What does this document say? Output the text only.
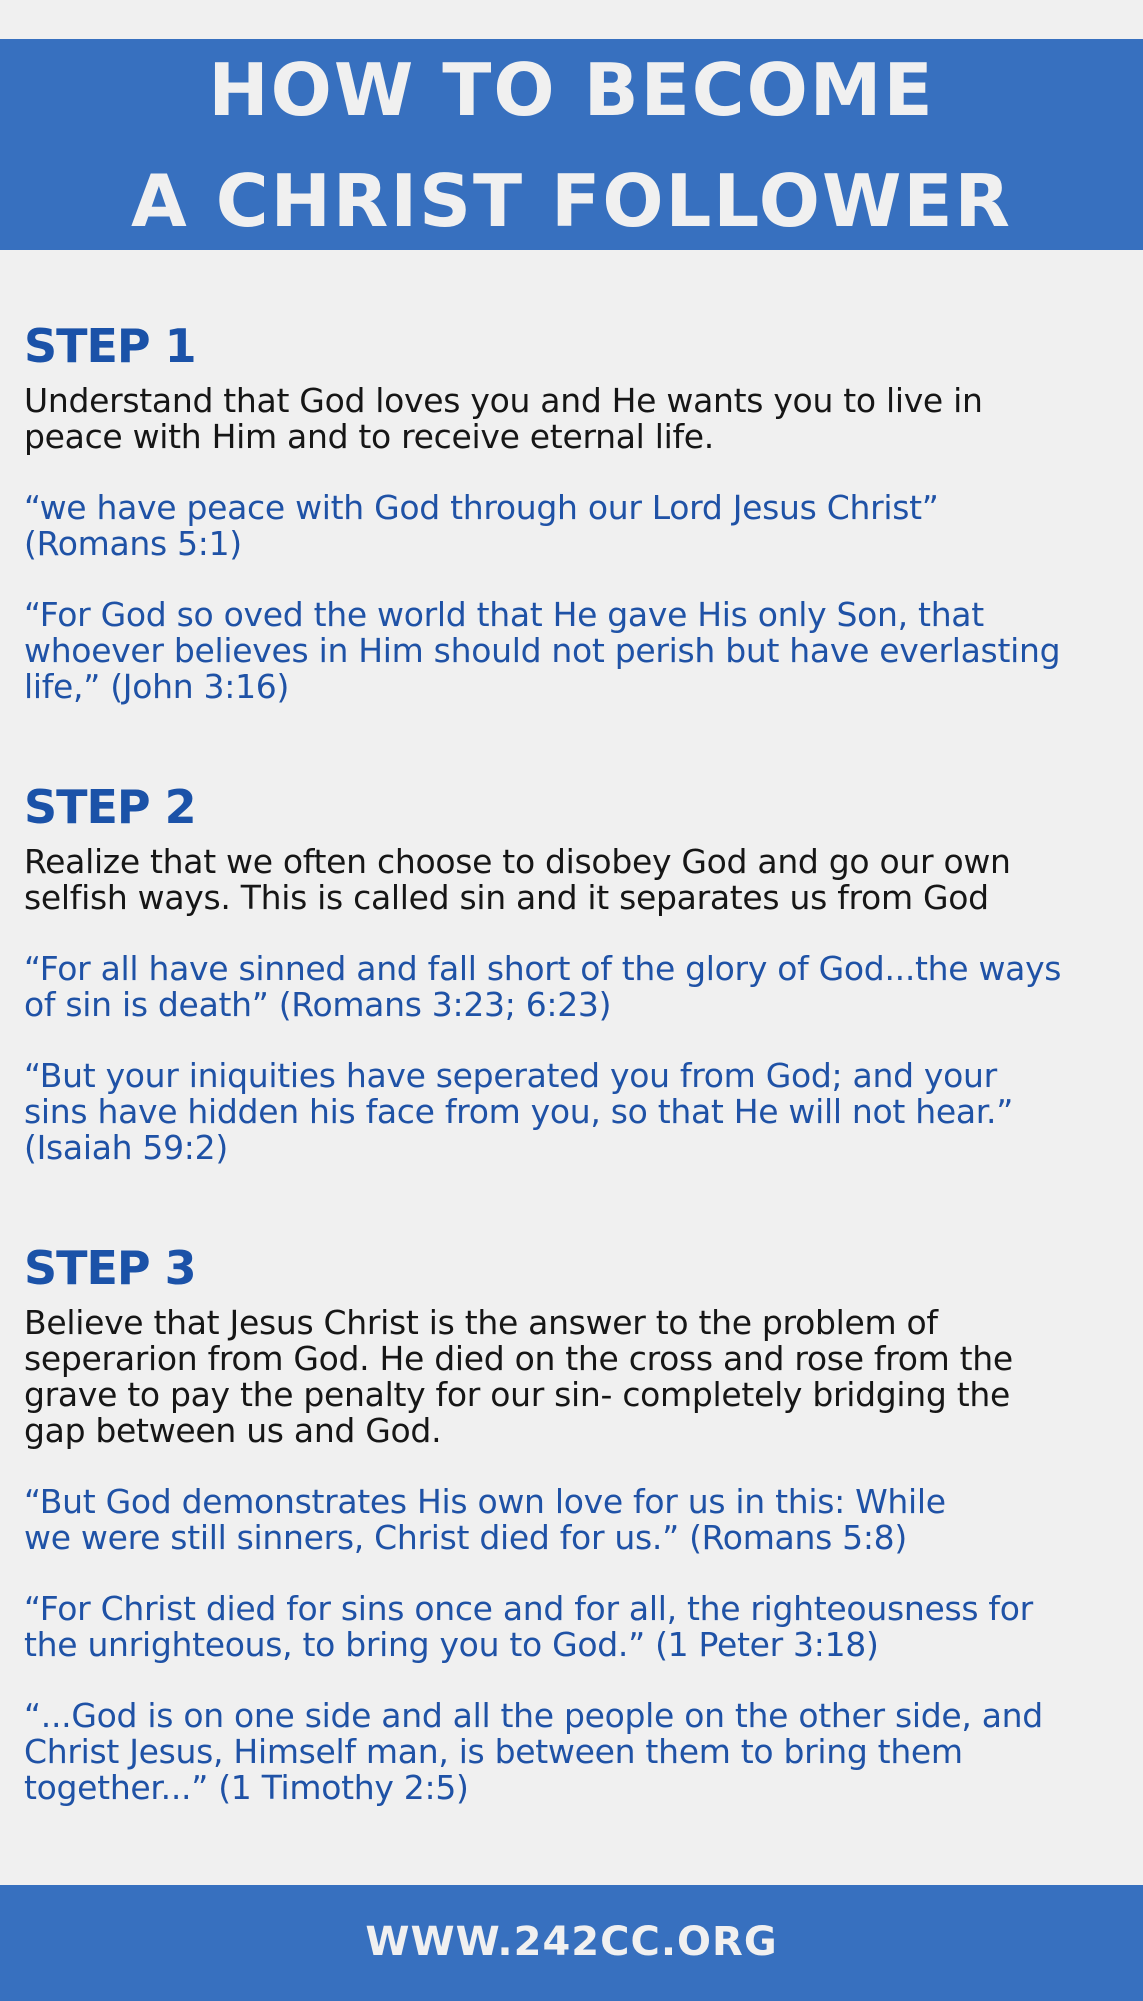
HOW TO BECOME
A CHRIST FOLLOWER
STEP 1

Understand that God loves you and He wants you to live in
peace with Him and to receive eternal life.

“we have peace with God through our Lord Jesus Christ”
(Romans 5:1)

“For God so oved the world that He gave His only Son, that
whoever believes in Him should not perish but have everlasting
life,” (John 3:16)

STEP 2

Realize that we often choose to disobey God and go our own
selfish ways. This is called sin and it separates us from God

“For all have sinned and fall short of the glory of God...the ways
of sin is death” (Romans 3:23; 6:23)

“But your iniquities have seperated you from God; and your
sins have hidden his face from you, so that He will not hear.”
(Isaiah 59:2)

STEP 3

Believe that Jesus Christ is the answer to the problem of
seperarion from God. He died on the cross and rose from the
grave to pay the penalty for our sin- completely bridging the
gap between us and God.

“But God demonstrates His own love for us in this: While
we were still sinners, Christ died for us.” (Romans 5:8)

“For Christ died for sins once and for all, the righteousness for
the unrighteous, to bring you to God.” (1 Peter 3:18)

“...God is on one side and all the people on the other side, and
Christ Jesus, Himself man, is between them to bring them
together...” (1 Timothy 2:5)

WWW.242CC.ORG
